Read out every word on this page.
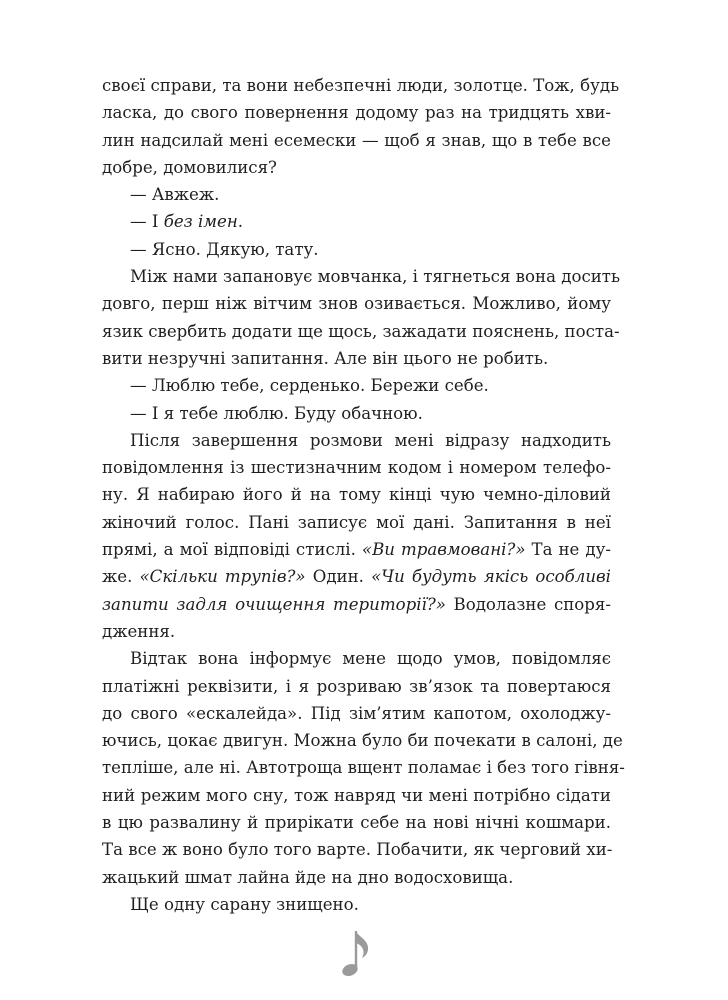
своєї справи, та вони небезпечні люди, золотце. Тож, будь
ласка, до свого повернення додому раз на тридцять хви-
лин надсилай мені есемески — щоб я знав, що в тебе все
добре, домовилися?
— Авжеж.
— І без імен.
— Ясно. Дякую, тату.
Між нами запановує мовчанка, і тягнеться вона досить
довго, перш ніж вітчим знов озивається. Можливо, йому
язик свербить додати ще щось, зажадати пояснень, поста-
вити незручні запитання. Але він цього не робить.
— Люблю тебе, серденько. Бережи себе.
— І я тебе люблю. Буду обачною.
Після завершення розмови мені відразу надходить
повідомлення із шестизначним кодом і номером телефо-
ну. Я набираю його й на тому кінці чую чемно-діловий
жіночий голос. Пані записує мої дані. Запитання в неї
прямі, а мої відповіді стислі. «Ви травмовані?» Та не ду-
же. «Скільки трупів?» Один. «Чи будуть якісь особливі
запити задля очищення території?» Водолазне споря-
дження.
Відтак вона інформує мене щодо умов, повідомляє
платіжні реквізити, і я розриваю зв’язок та повертаюся
до свого «ескалейда». Під зім’ятим капотом, охолоджу-
ючись, цокає двигун. Можна було би почекати в салоні, де
тепліше, але ні. Автотроща вщент поламає і без того гівня-
ний режим мого сну, тож навряд чи мені потрібно сідати
в цю развалину й прирікати себе на нові нічні кошмари.
Та все ж воно було того варте. Побачити, як черговий хи-
жацький шмат лайна йде на дно водосховища.
Ще одну сарану знищено.
